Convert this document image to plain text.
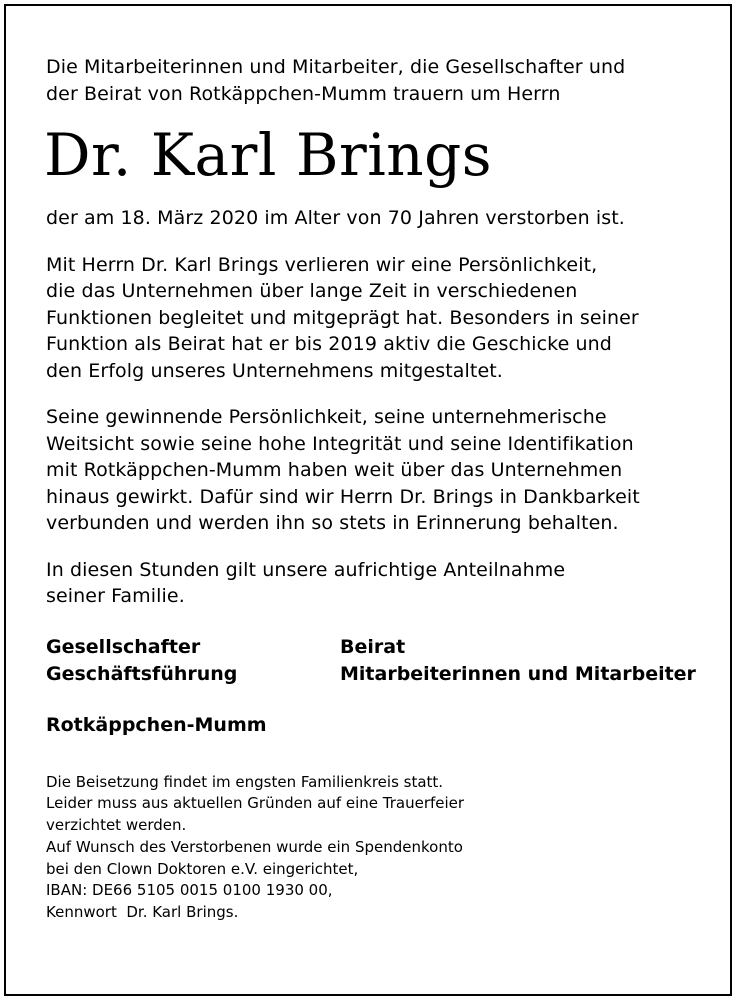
Die Mitarbeiterinnen und Mitarbeiter, die Gesellschafter und
der Beirat von Rotkäppchen-Mumm trauern um Herrn

Dr. Karl Brings

der am 18. März 2020 im Alter von 70 Jahren verstorben ist.

Mit Herrn Dr. Karl Brings verlieren wir eine Persönlichkeit,
die das Unternehmen über lange Zeit in verschiedenen
Funktionen begleitet und mitgeprägt hat. Besonders in seiner
Funktion als Beirat hat er bis 2019 aktiv die Geschicke und
den Erfolg unseres Unternehmens mitgestaltet.

Seine gewinnende Persönlichkeit, seine unternehmerische
Weitsicht sowie seine hohe Integrität und seine Identifikation
mit Rotkäppchen-Mumm haben weit über das Unternehmen
hinaus gewirkt. Dafür sind wir Herrn Dr. Brings in Dankbarkeit
verbunden und werden ihn so stets in Erinnerung behalten.

In diesen Stunden gilt unsere aufrichtige Anteilnahme
seiner Familie.

Gesellschafter
Geschäftsführung
Beirat
Mitarbeiterinnen und Mitarbeiter
Rotkäppchen-Mumm
Die Beisetzung findet im engsten Familienkreis statt.
Leider muss aus aktuellen Gründen auf eine Trauerfeier
verzichtet werden.
Auf Wunsch des Verstorbenen wurde ein Spendenkonto
bei den Clown Doktoren e.V. eingerichtet,
IBAN: DE66 5105 0015 0100 1930 00,
Kennwort  Dr. Karl Brings.
